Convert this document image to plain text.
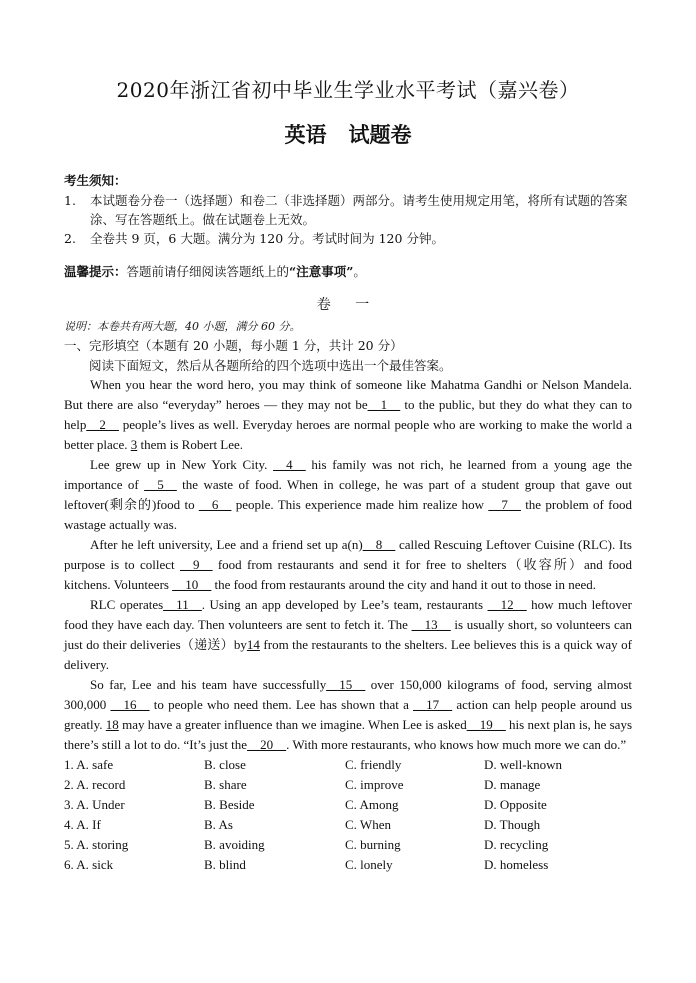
2020年浙江省初中毕业生学业水平考试（嘉兴卷）
英语 试题卷
考生须知：
1.	本试题卷分卷一（选择题）和卷二（非选择题）两部分。请考生使用规定用笔，将所有试题的答案涂、写在答题纸上。做在试题卷上无效。
2.	全卷共 9 页，6 大题。满分为 120 分。考试时间为 120 分钟。
温馨提示：答题前请仔细阅读答题纸上的“注意事项”。
卷 一
说明：本卷共有两大题，40 小题，满分 60 分。
一、完形填空（本题有 20 小题，每小题 1 分，共计 20 分）
阅读下面短文，然后从各题所给的四个选项中选出一个最佳答案。

When you hear the word hero, you may think of someone like Mahatma Gandhi or Nelson Mandela. But there are also “everyday” heroes — they may not be__1__ to the public, but they do what they can to help__2__ people’s lives as well. Everyday heroes are normal people who are working to make the world a better place. 3 them is Robert Lee.

Lee grew up in New York City. __4__ his family was not rich, he learned from a young age the importance of __5__ the waste of food. When in college, he was part of a student group that gave out leftover(剩余的)food to __6__ people. This experience made him realize how __7__ the problem of food wastage actually was.

After he left university, Lee and a friend set up a(n)__8__ called Rescuing Leftover Cuisine (RLC). Its purpose is to collect __9__ food from restaurants and send it for free to shelters（收容所）and food kitchens. Volunteers __10__ the food from restaurants around the city and hand it out to those in need.

RLC operates__11__. Using an app developed by Lee’s team, restaurants __12__ how much leftover food they have each day. Then volunteers are sent to fetch it. The __13__ is usually short, so volunteers can just do their deliveries（递送）by14 from the restaurants to the shelters. Lee believes this is a quick way of delivery.

So far, Lee and his team have successfully__15__ over 150,000 kilograms of food, serving almost 300,000 __16__ to people who need them. Lee has shown that a __17__ action can help people around us greatly. 18 may have a greater influence than we imagine. When Lee is asked__19__ his next plan is, he says there’s still a lot to do. “It’s just the__20__. With more restaurants, who knows how much more we can do.”

1. A. safe	B. close	C. friendly	D. well-known
2. A. record	B. share	C. improve	D. manage
3. A. Under	B. Beside	C. Among	D. Opposite
4. A. If	B. As	C. When	D. Though
5. A. storing	B. avoiding	C. burning	D. recycling
6. A. sick	B. blind	C. lonely	D. homeless
